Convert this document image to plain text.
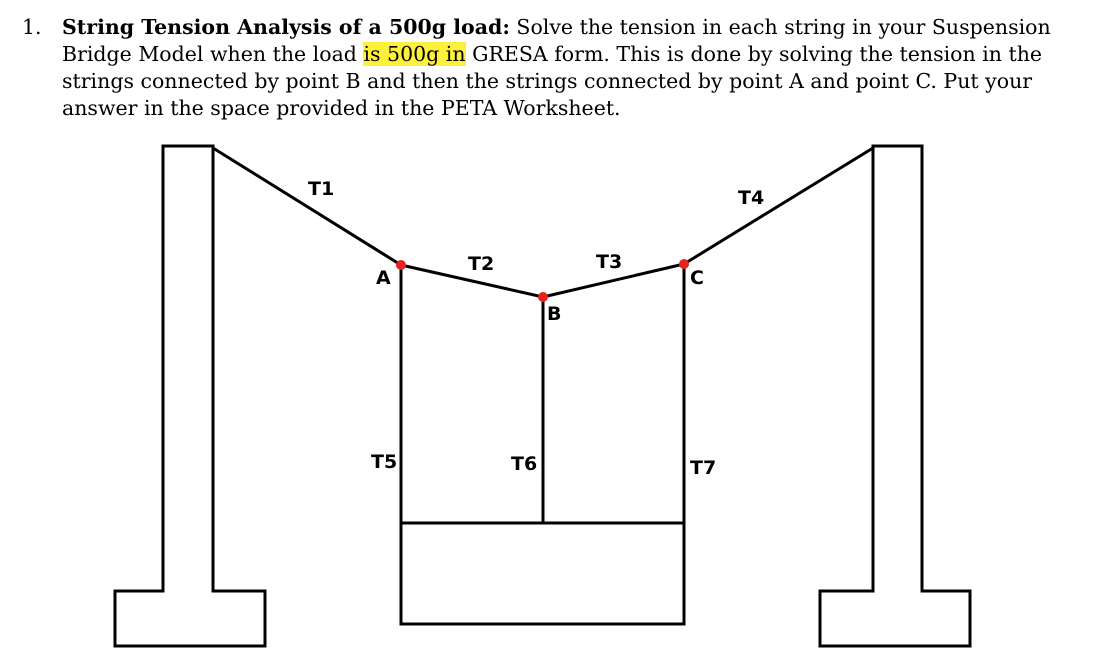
1. String Tension Analysis of a 500g load: Solve the tension in each string in your Suspension Bridge Model when the load is 500g in GRESA form. This is done by solving the tension in the strings connected by point B and then the strings connected by point A and point C. Put your answer in the space provided in the PETA Worksheet.
T1
T2	T3
T4
T5	T6	T7
A
B
C
